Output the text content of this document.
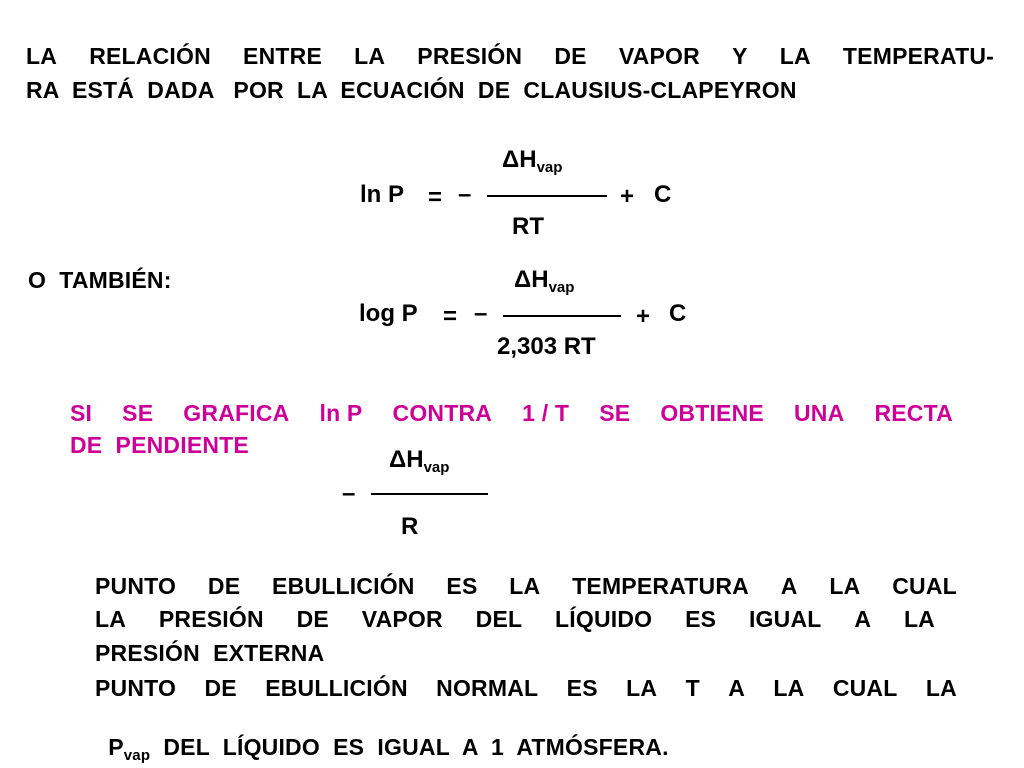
LA RELACIÓN ENTRE LA PRESIÓN DE VAPOR Y LA TEMPERATU-
RA  ESTÁ  DADA   POR  LA  ECUACIÓN  DE  CLAUSIUS-CLAPEYRON
$\Delta H_{vap}$
ln P = –	+ C
RT
O  TAMBIÉN:	$\Delta H_{vap}$
log P = –	+ C
2,303 RT
SI SE GRAFICA ln P CONTRA 1 / T SE OBTIENE UNA RECTA
DE  PENDIENTE
$\Delta H_{vap}$
–
R
PUNTO DE EBULLICIÓN ES LA TEMPERATURA A LA CUAL
LA PRESIÓN DE VAPOR DEL LÍQUIDO ES IGUAL A LA
PRESIÓN  EXTERNA
PUNTO DE EBULLICIÓN NORMAL ES LA T A LA CUAL LA

$P_{vap}$  DEL  LÍQUIDO  ES  IGUAL  A  1  ATMÓSFERA.
